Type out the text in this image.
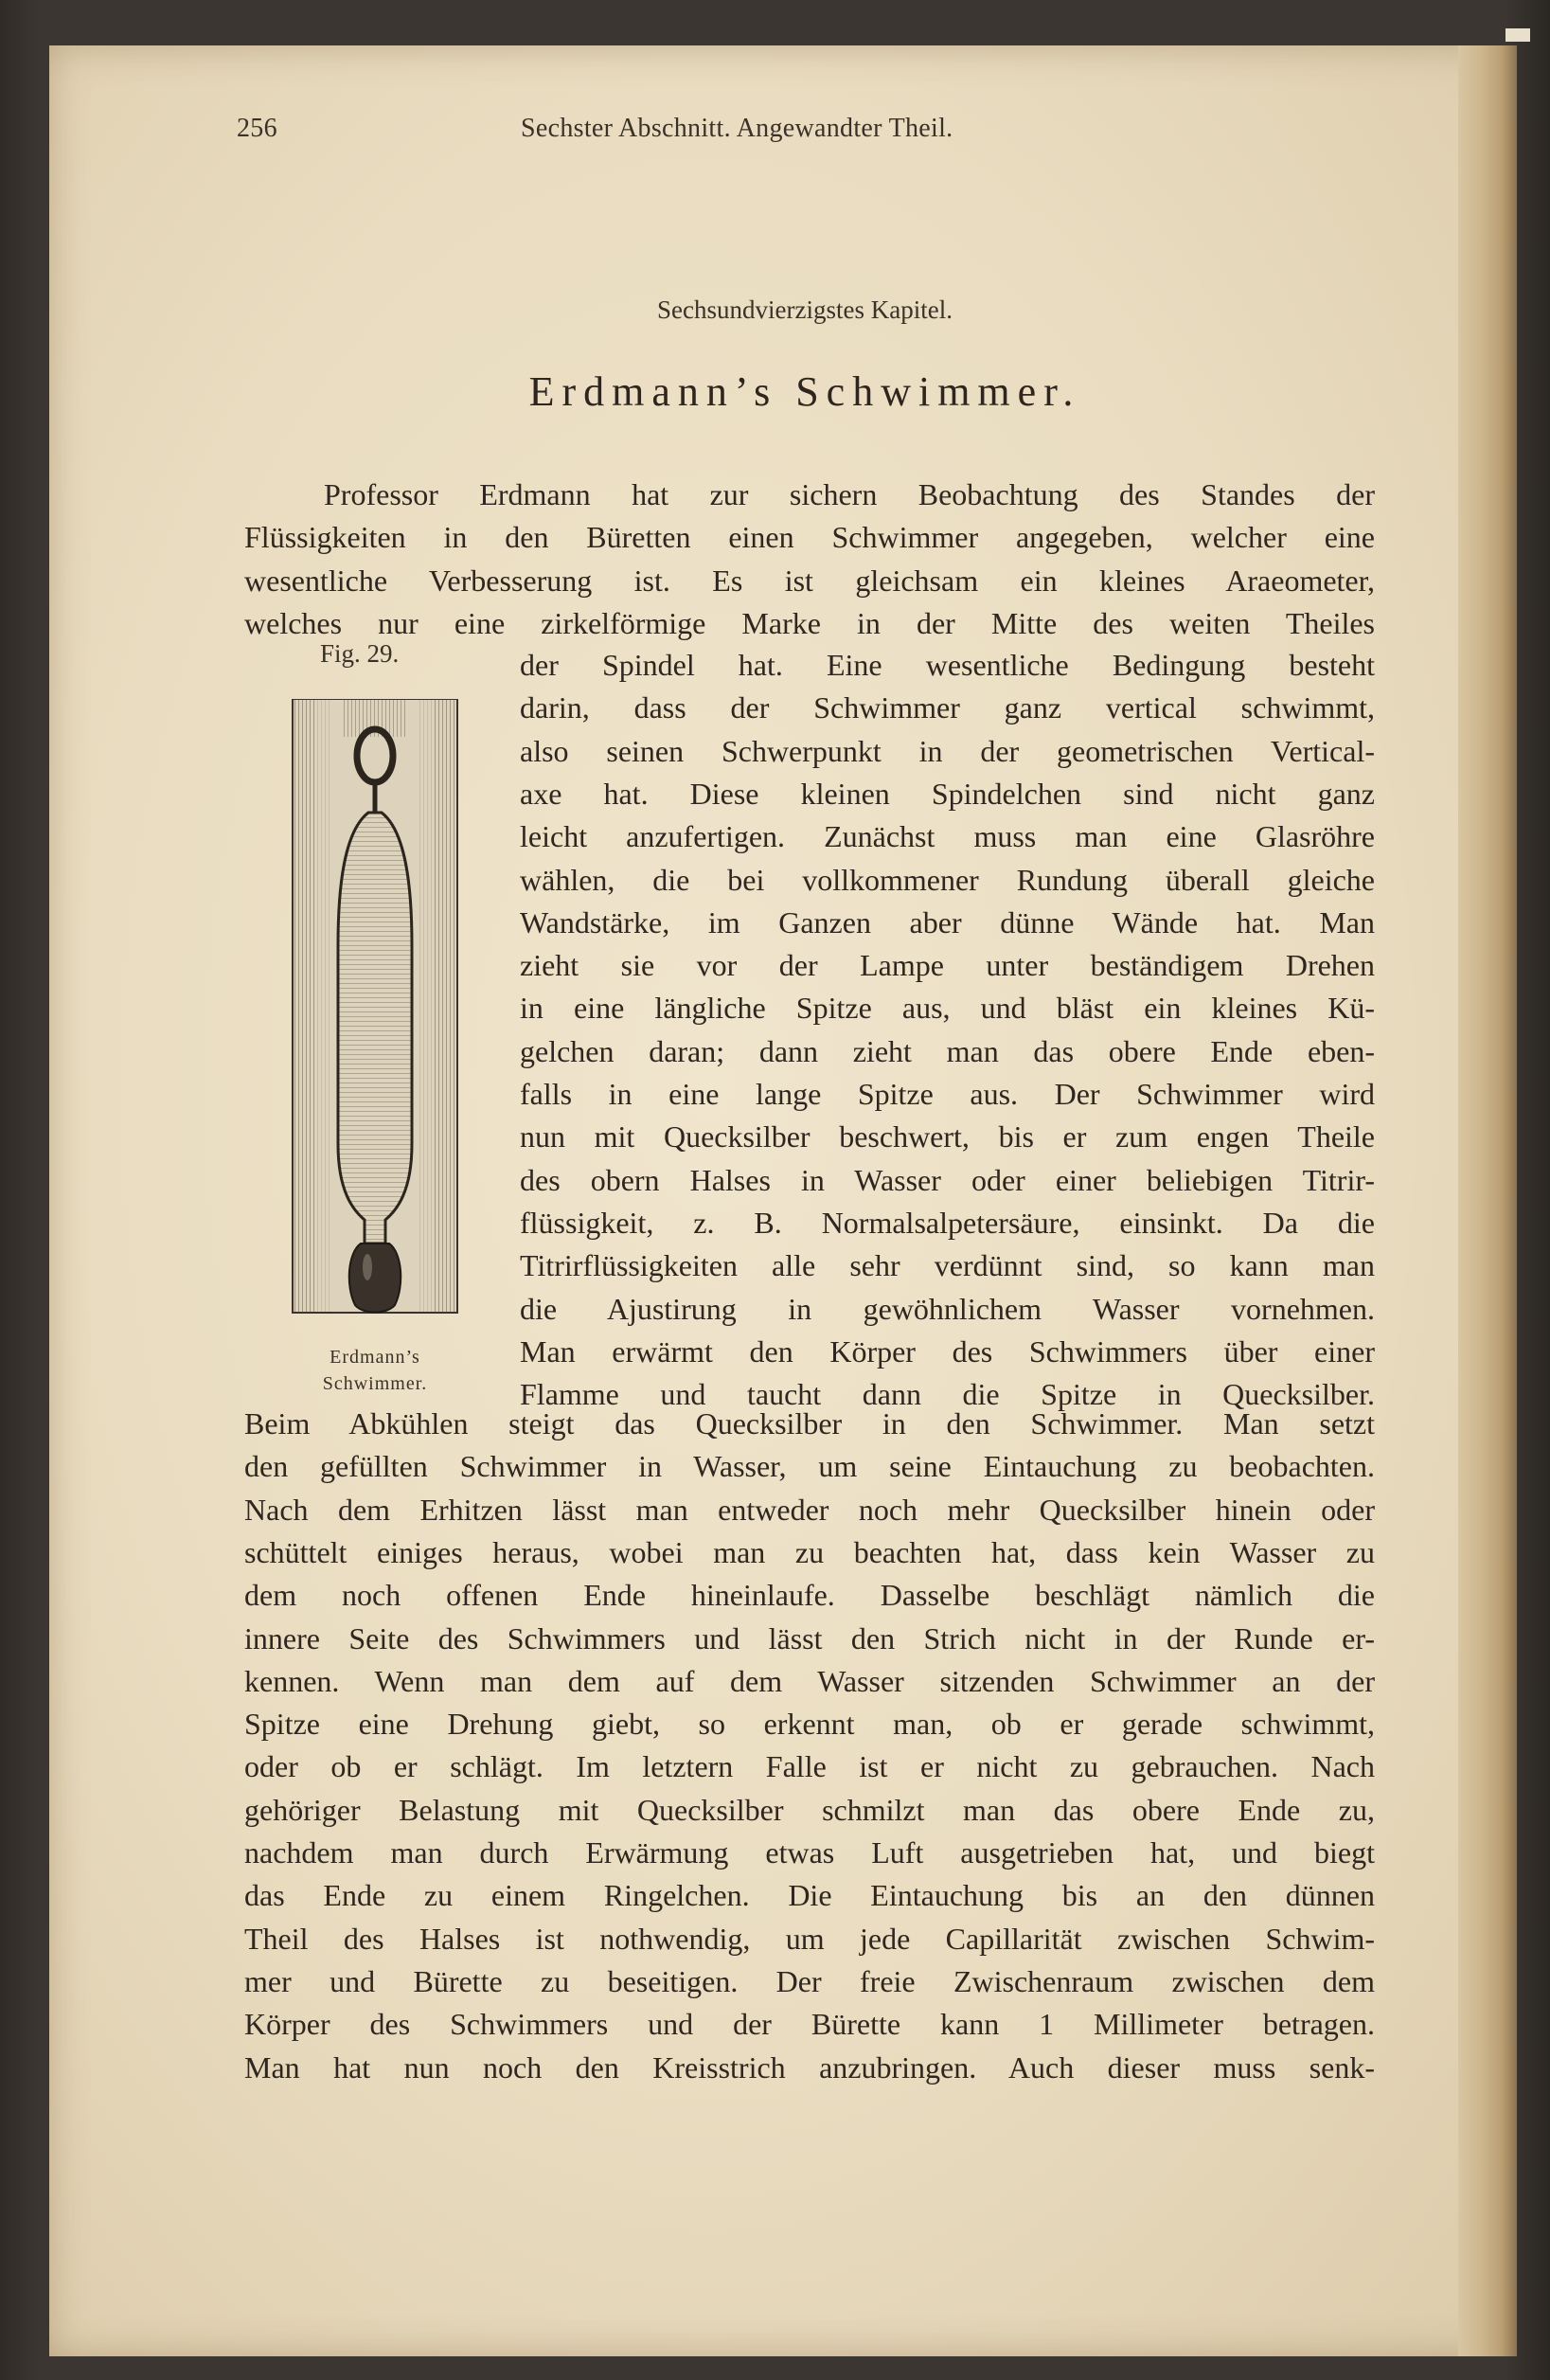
256	Sechster Abschnitt. Angewandter Theil.
Sechsundvierzigstes Kapitel.
Erdmann’s Schwimmer.
Fig. 29.
Erdmann’s
Schwimmer.
Professor Erdmann hat zur sichern Beobachtung des Standes der
Flüssigkeiten in den Büretten einen Schwimmer angegeben, welcher eine
wesentliche Verbesserung ist. Es ist gleichsam ein kleines Araeometer,
welches nur eine zirkelförmige Marke in der Mitte des weiten Theiles
der Spindel hat. Eine wesentliche Bedingung besteht
darin, dass der Schwimmer ganz vertical schwimmt,
also seinen Schwerpunkt in der geometrischen Vertical-
axe hat. Diese kleinen Spindelchen sind nicht ganz
leicht anzufertigen. Zunächst muss man eine Glasröhre
wählen, die bei vollkommener Rundung überall gleiche
Wandstärke, im Ganzen aber dünne Wände hat. Man
zieht sie vor der Lampe unter beständigem Drehen
in eine längliche Spitze aus, und bläst ein kleines Kü-
gelchen daran; dann zieht man das obere Ende eben-
falls in eine lange Spitze aus. Der Schwimmer wird
nun mit Quecksilber beschwert, bis er zum engen Theile
des obern Halses in Wasser oder einer beliebigen Titrir-
flüssigkeit, z. B. Normalsalpetersäure, einsinkt. Da die
Titrirflüssigkeiten alle sehr verdünnt sind, so kann man
die Ajustirung in gewöhnlichem Wasser vornehmen.
Man erwärmt den Körper des Schwimmers über einer
Flamme und taucht dann die Spitze in Quecksilber.
Beim Abkühlen steigt das Quecksilber in den Schwimmer. Man setzt
den gefüllten Schwimmer in Wasser, um seine Eintauchung zu beobachten.
Nach dem Erhitzen lässt man entweder noch mehr Quecksilber hinein oder
schüttelt einiges heraus, wobei man zu beachten hat, dass kein Wasser zu
dem noch offenen Ende hineinlaufe. Dasselbe beschlägt nämlich die
innere Seite des Schwimmers und lässt den Strich nicht in der Runde er-
kennen. Wenn man dem auf dem Wasser sitzenden Schwimmer an der
Spitze eine Drehung giebt, so erkennt man, ob er gerade schwimmt,
oder ob er schlägt. Im letztern Falle ist er nicht zu gebrauchen. Nach
gehöriger Belastung mit Quecksilber schmilzt man das obere Ende zu,
nachdem man durch Erwärmung etwas Luft ausgetrieben hat, und biegt
das Ende zu einem Ringelchen. Die Eintauchung bis an den dünnen
Theil des Halses ist nothwendig, um jede Capillarität zwischen Schwim-
mer und Bürette zu beseitigen. Der freie Zwischenraum zwischen dem
Körper des Schwimmers und der Bürette kann 1 Millimeter betragen.
Man hat nun noch den Kreisstrich anzubringen. Auch dieser muss senk-
